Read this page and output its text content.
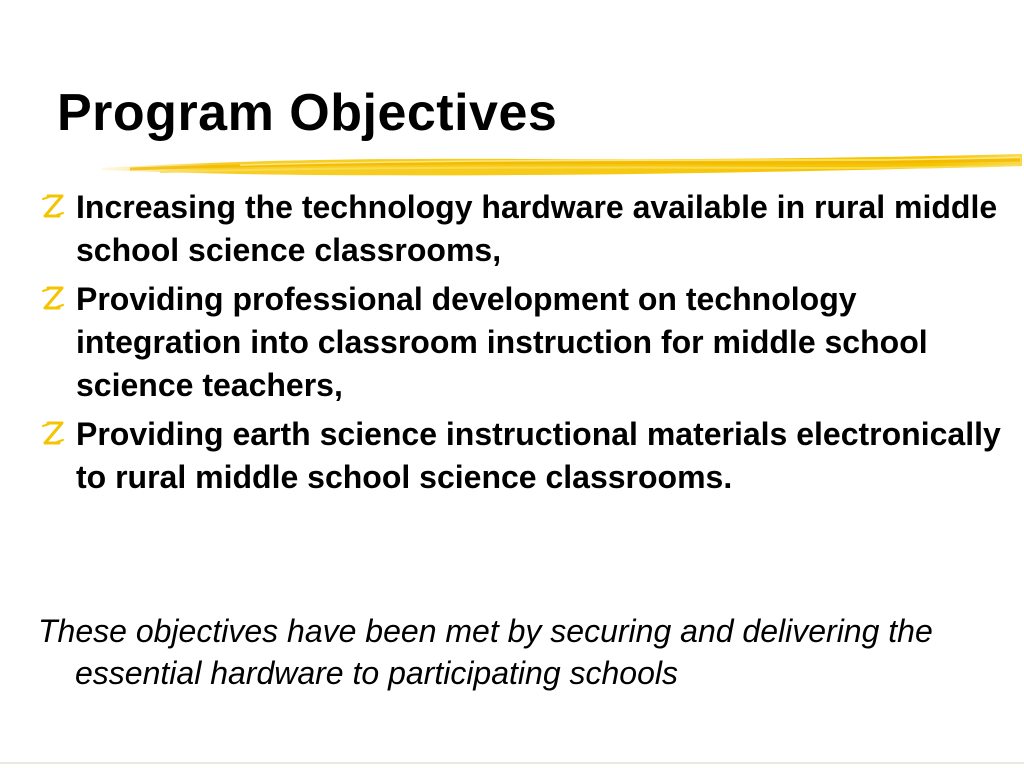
Program Objectives
Increasing the technology hardware available in rural middle school science classrooms,
Providing professional development on technology integration into classroom instruction for middle school science teachers,
Providing earth science instructional materials electronically to rural middle school science classrooms.

These objectives have been met by securing and delivering the essential hardware to participating schools
